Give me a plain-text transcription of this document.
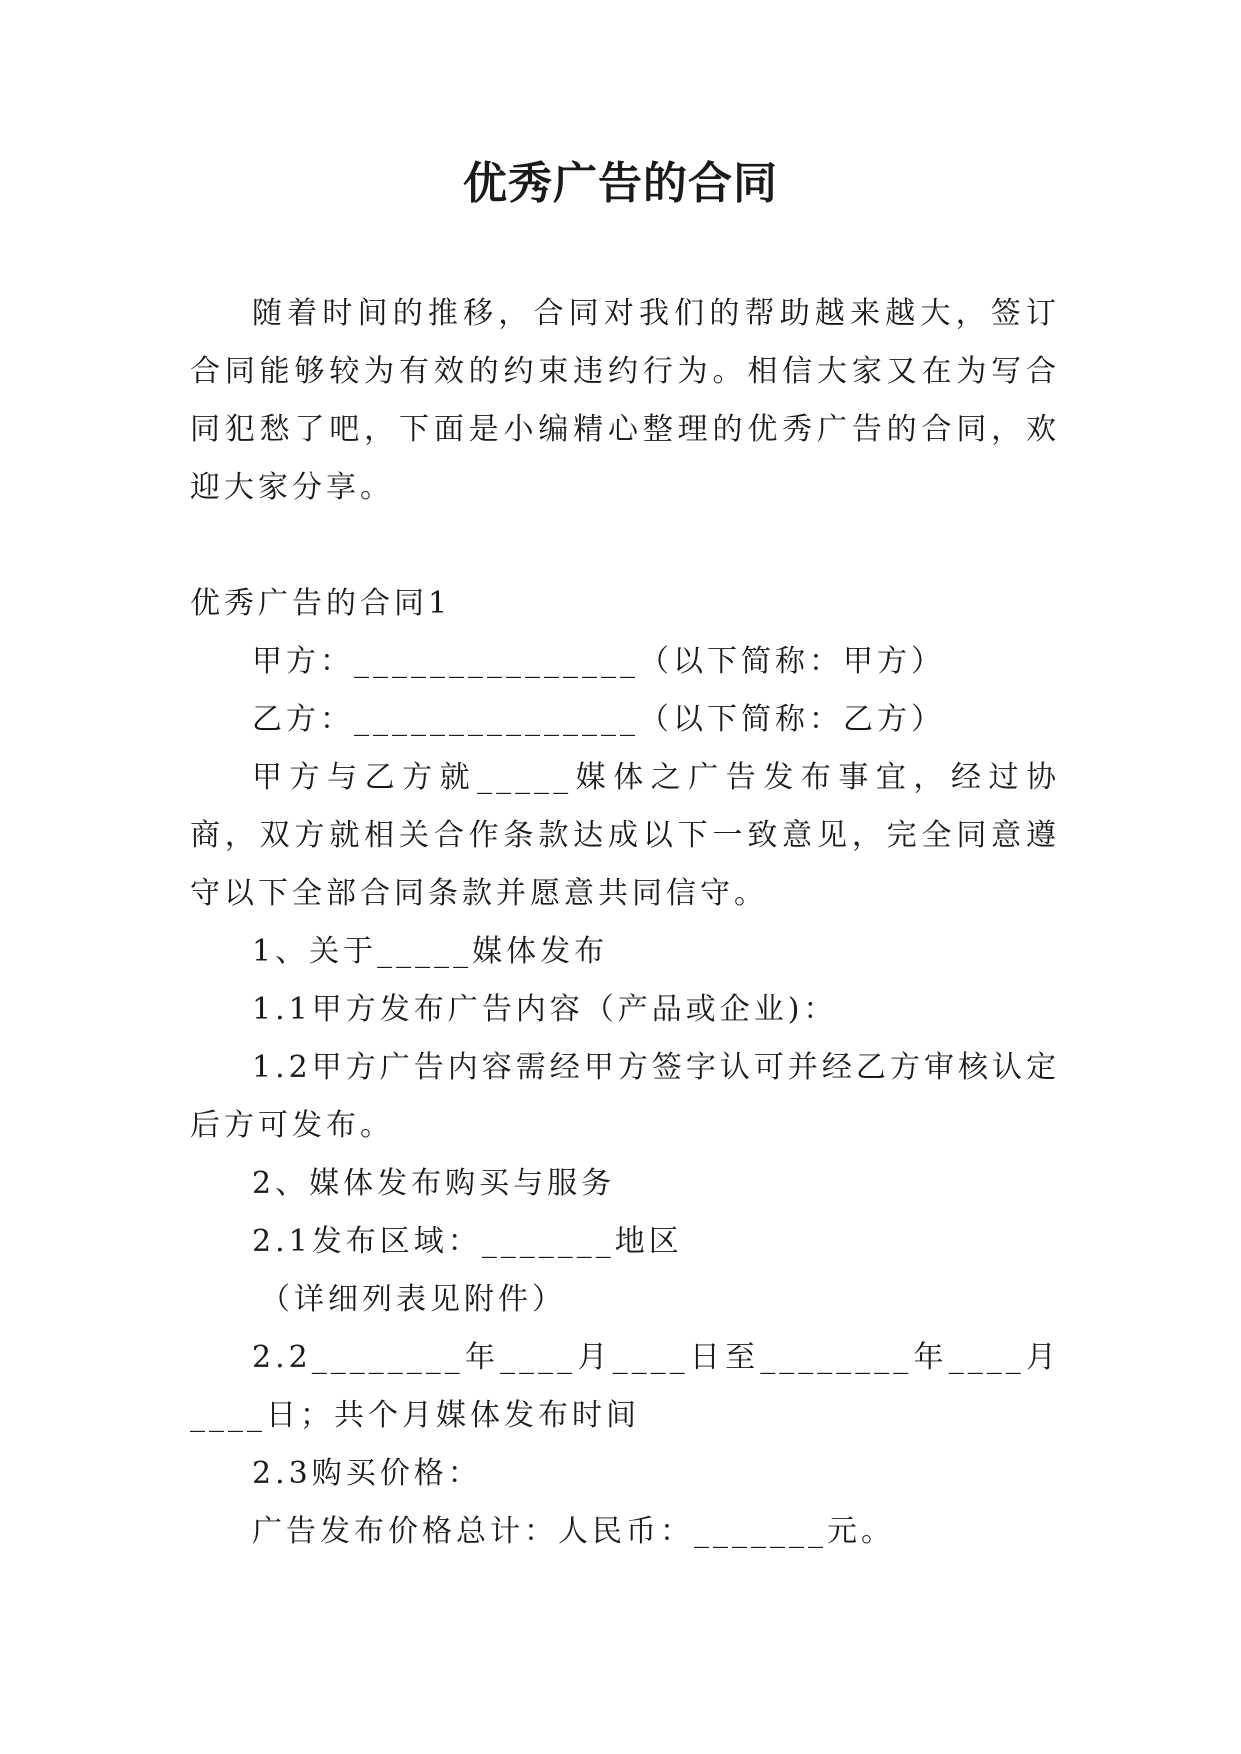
优秀广告的合同

随着时间的推移，合同对我们的帮助越来越大，签订合同能够较为有效的约束违约行为。相信大家又在为写合同犯愁了吧，下面是小编精心整理的优秀广告的合同，欢迎大家分享。

优秀广告的合同1

甲方：_______________（以下简称：甲方）

乙方：_______________（以下简称：乙方）

甲方与乙方就_____媒体之广告发布事宜，经过协商，双方就相关合作条款达成以下一致意见，完全同意遵守以下全部合同条款并愿意共同信守。

1、关于_____媒体发布

1.1甲方发布广告内容（产品或企业)：

1.2甲方广告内容需经甲方签字认可并经乙方审核认定后方可发布。

2、媒体发布购买与服务

2.1发布区域：_______地区

（详细列表见附件）

2.2________年____月____日至________年____月____日；共个月媒体发布时间

2.3购买价格：

广告发布价格总计：人民币：_______元。
